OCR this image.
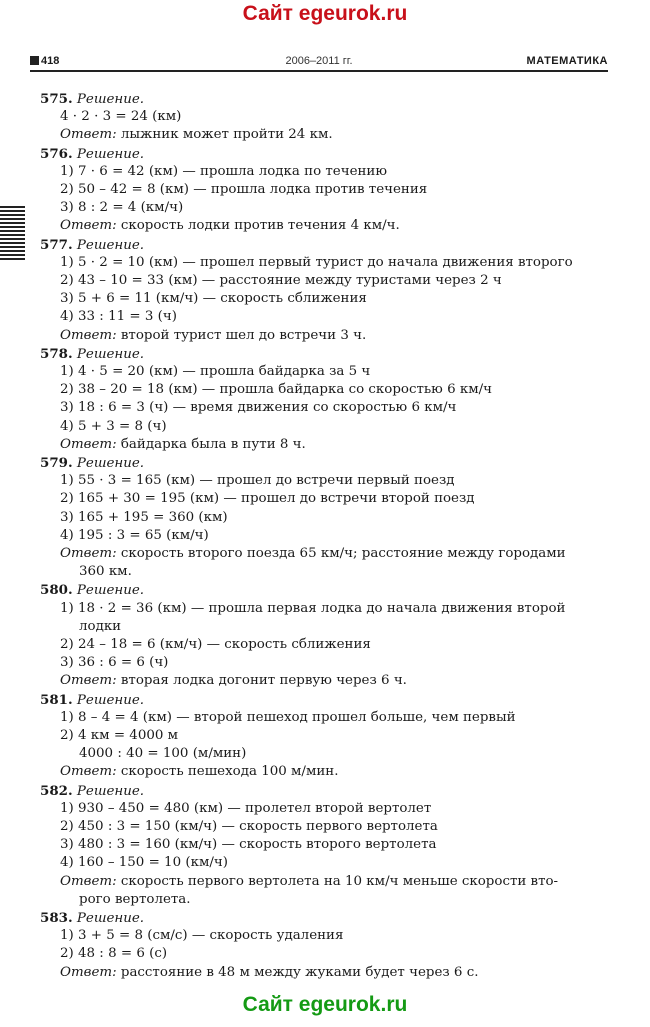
Сайт egeurok.ru
418	2006–2011 гг.	МАТЕМАТИКА
575. Решение.
4 · 2 · 3 = 24 (км)
Ответ: лыжник может пройти 24 км.
576. Решение.
1) 7 · 6 = 42 (км) — прошла лодка по течению
2) 50 – 42 = 8 (км) — прошла лодка против течения
3) 8 : 2 = 4 (км/ч)
Ответ: скорость лодки против течения 4 км/ч.
577. Решение.
1) 5 · 2 = 10 (км) — прошел первый турист до начала движения второго
2) 43 – 10 = 33 (км) — расстояние между туристами через 2 ч
3) 5 + 6 = 11 (км/ч) — скорость сближения
4) 33 : 11 = 3 (ч)
Ответ: второй турист шел до встречи 3 ч.
578. Решение.
1) 4 · 5 = 20 (км) — прошла байдарка за 5 ч
2) 38 – 20 = 18 (км) — прошла байдарка со скоростью 6 км/ч
3) 18 : 6 = 3 (ч) — время движения со скоростью 6 км/ч
4) 5 + 3 = 8 (ч)
Ответ: байдарка была в пути 8 ч.
579. Решение.
1) 55 · 3 = 165 (км) — прошел до встречи первый поезд
2) 165 + 30 = 195 (км) — прошел до встречи второй поезд
3) 165 + 195 = 360 (км)
4) 195 : 3 = 65 (км/ч)
Ответ: скорость второго поезда 65 км/ч; расстояние между городами
360 км.
580. Решение.
1) 18 · 2 = 36 (км) — прошла первая лодка до начала движения второй
лодки
2) 24 – 18 = 6 (км/ч) — скорость сближения
3) 36 : 6 = 6 (ч)
Ответ: вторая лодка догонит первую через 6 ч.
581. Решение.
1) 8 – 4 = 4 (км) — второй пешеход прошел больше, чем первый
2) 4 км = 4000 м
4000 : 40 = 100 (м/мин)
Ответ: скорость пешехода 100 м/мин.
582. Решение.
1) 930 – 450 = 480 (км) — пролетел второй вертолет
2) 450 : 3 = 150 (км/ч) — скорость первого вертолета
3) 480 : 3 = 160 (км/ч) — скорость второго вертолета
4) 160 – 150 = 10 (км/ч)
Ответ: скорость первого вертолета на 10 км/ч меньше скорости вто-
рого вертолета.
583. Решение.
1) 3 + 5 = 8 (см/с) — скорость удаления
2) 48 : 8 = 6 (с)
Ответ: расстояние в 48 м между жуками будет через 6 с.
Сайт egeurok.ru
